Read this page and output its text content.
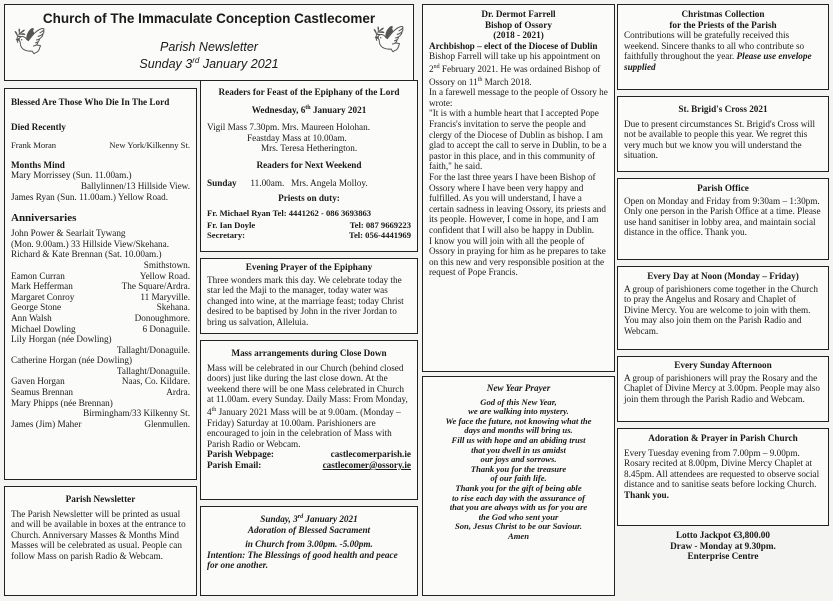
🕊	🕊
Church of The Immaculate Conception Castlecomer
Parish Newsletter
Sunday 3rd January 2021
Blessed Are Those Who Die In The Lord
Died Recently
Frank Moran	New York/Kilkenny St.
Months Mind
Mary Morrissey (Sun. 11.00am.)
Ballylinnen/13 Hillside View.
James Ryan (Sun. 11.00am.) Yellow Road.
Anniversaries
John Power & Searlait Tywang
(Mon. 9.00am.) 33 Hillside View/Skehana.
Richard & Kate Brennan (Sat. 10.00am.)
Smithstown.
Eamon Curran	Yellow Road.
Mark Hefferman	The Square/Ardra.
Margaret Conroy	11 Maryville.
George Stone	Skehana.
Ann Walsh	Donoughmore.
Michael Dowling	6 Donaguile.
Lily Horgan (née Dowling)
Tallaght/Donaguile.
Catherine Horgan (née Dowling)
Tallaght/Donaguile.
Gaven Horgan	Naas, Co. Kildare.
Seamus Brennan	Ardra.
Mary Phipps (née Brennan)
Birmingham/33 Kilkenny St.
James (Jim) Maher	Glenmullen.
Parish Newsletter
The Parish Newsletter will be printed as usual and will be available in boxes at the entrance to Church. Anniversary Masses & Months Mind Masses will be celebrated as usual. People can follow Mass on parish Radio & Webcam.
Readers for Feast of the Epiphany of the Lord
Wednesday, 6th January 2021
Vigil Mass 7.30pm. Mrs. Maureen Holohan.
Feastday Mass at 10.00am.
Mrs. Teresa Hetherington.
Readers for Next Weekend
Sunday 11.00am. Mrs. Angela Molloy.
Priests on duty:
Fr. Michael Ryan Tel: 4441262 - 086 3693863
Fr. Ian Doyle	Tel: 087 9669223
Secretary:	Tel: 056-4441969
Evening Prayer of the Epiphany
Three wonders mark this day. We celebrate today the star led the Maji to the manager, today water was changed into wine, at the marriage feast; today Christ desired to be baptised by John in the river Jordan to bring us salvation, Alleluia.
Mass arrangements during Close Down
Mass will be celebrated in our Church (behind closed doors) just like during the last close down. At the weekend there will be one Mass celebrated in Church at 11.00am. every Sunday. Daily Mass: From Monday, 4th January 2021 Mass will be at 9.00am. (Monday – Friday) Saturday at 10.00am. Parishioners are encouraged to join in the celebration of Mass with Parish Radio or Webcam.
Parish Webpage:	castlecomerparish.ie
Parish Email:	castlecomer@ossory.ie
Sunday, 3rd January 2021
Adoration of Blessed Sacrament
in Church from 3.00pm. -5.00pm.
Intention: The Blessings of good health and peace for one another.
Dr. Dermot Farrell
Bishop of Ossory
(2018 - 2021)
Archbishop – elect of the Diocese of Dublin
Bishop Farrell will take up his appointment on 2nd February 2021. He was ordained Bishop of Ossory on 11th March 2018.
In a farewell message to the people of Ossory he wrote:
"It is with a humble heart that I accepted Pope Francis's invitation to serve the people and clergy of the Diocese of Dublin as bishop. I am glad to accept the call to serve in Dublin, to be a pastor in this place, and in this community of faith," he said.
For the last three years I have been Bishop of Ossory where I have been very happy and fulfilled. As you will understand, I have a certain sadness in leaving Ossory, its priests and its people. However, I come in hope, and I am confident that I will also be happy in Dublin.
I know you will join with all the people of Ossory in praying for him as he prepares to take on this new and very responsible position at the request of Pope Francis.
New Year Prayer
God of this New Year,
we are walking into mystery.
We face the future, not knowing what the
days and months will bring us.
Fill us with hope and an abiding trust
that you dwell in us amidst
our joys and sorrows.
Thank you for the treasure
of our faith life.
Thank you for the gift of being able
to rise each day with the assurance of
that you are always with us for you are
the God who sent your
Son, Jesus Christ to be our Saviour.
Amen
Christmas Collection
for the Priests of the Parish
Contributions will be gratefully received this weekend. Sincere thanks to all who contribute so faithfully throughout the year. Please use envelope supplied
St. Brigid's Cross 2021
Due to present circumstances St. Brigid's Cross will not be available to people this year. We regret this very much but we know you will understand the situation.
Parish Office
Open on Monday and Friday from 9:30am – 1:30pm. Only one person in the Parish Office at a time. Please use hand sanitiser in lobby area, and maintain social distance in the office. Thank you.
Every Day at Noon (Monday – Friday)
A group of parishioners come together in the Church to pray the Angelus and Rosary and Chaplet of Divine Mercy. You are welcome to join with them. You may also join them on the Parish Radio and Webcam.
Every Sunday Afternoon
A group of parishioners will pray the Rosary and the Chaplet of Divine Mercy at 3.00pm. People may also join them through the Parish Radio and Webcam.
Adoration & Prayer in Parish Church
Every Tuesday evening from 7.00pm – 9.00pm. Rosary recited at 8.00pm, Divine Mercy Chaplet at 8.45pm. All attendees are requested to observe social distance and to sanitise seats before locking Church.
Thank you.
Lotto Jackpot €3,800.00
Draw - Monday at 9.30pm.
Enterprise Centre
